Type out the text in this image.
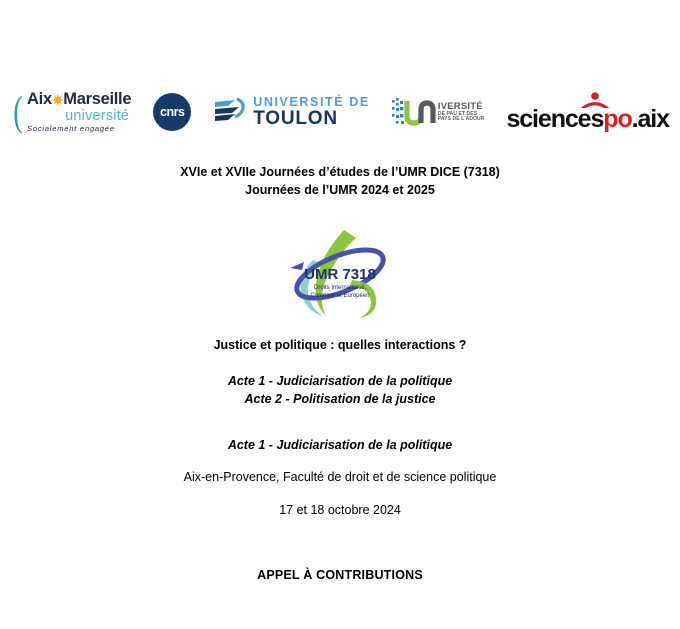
( Aix ✷ Marseille
université
Socialement engagée
cnrs
UNIVERSITÉ DE
TOULON
IVERSITÉ
DE PAU ET DES
PAYS DE L'ADOUR sciencespo.aix
XVIe et XVIIe Journées d’études de l’UMR DICE (7318)
Journées de l’UMR 2024 et 2025
UMR 7318
Droits International,
Comparé et Européen
Justice et politique : quelles interactions ?
Acte 1 - Judiciarisation de la politique
Acte 2 - Politisation de la justice
Acte 1 - Judiciarisation de la politique
Aix-en-Provence, Faculté de droit et de science politique
17 et 18 octobre 2024
APPEL À CONTRIBUTIONS
